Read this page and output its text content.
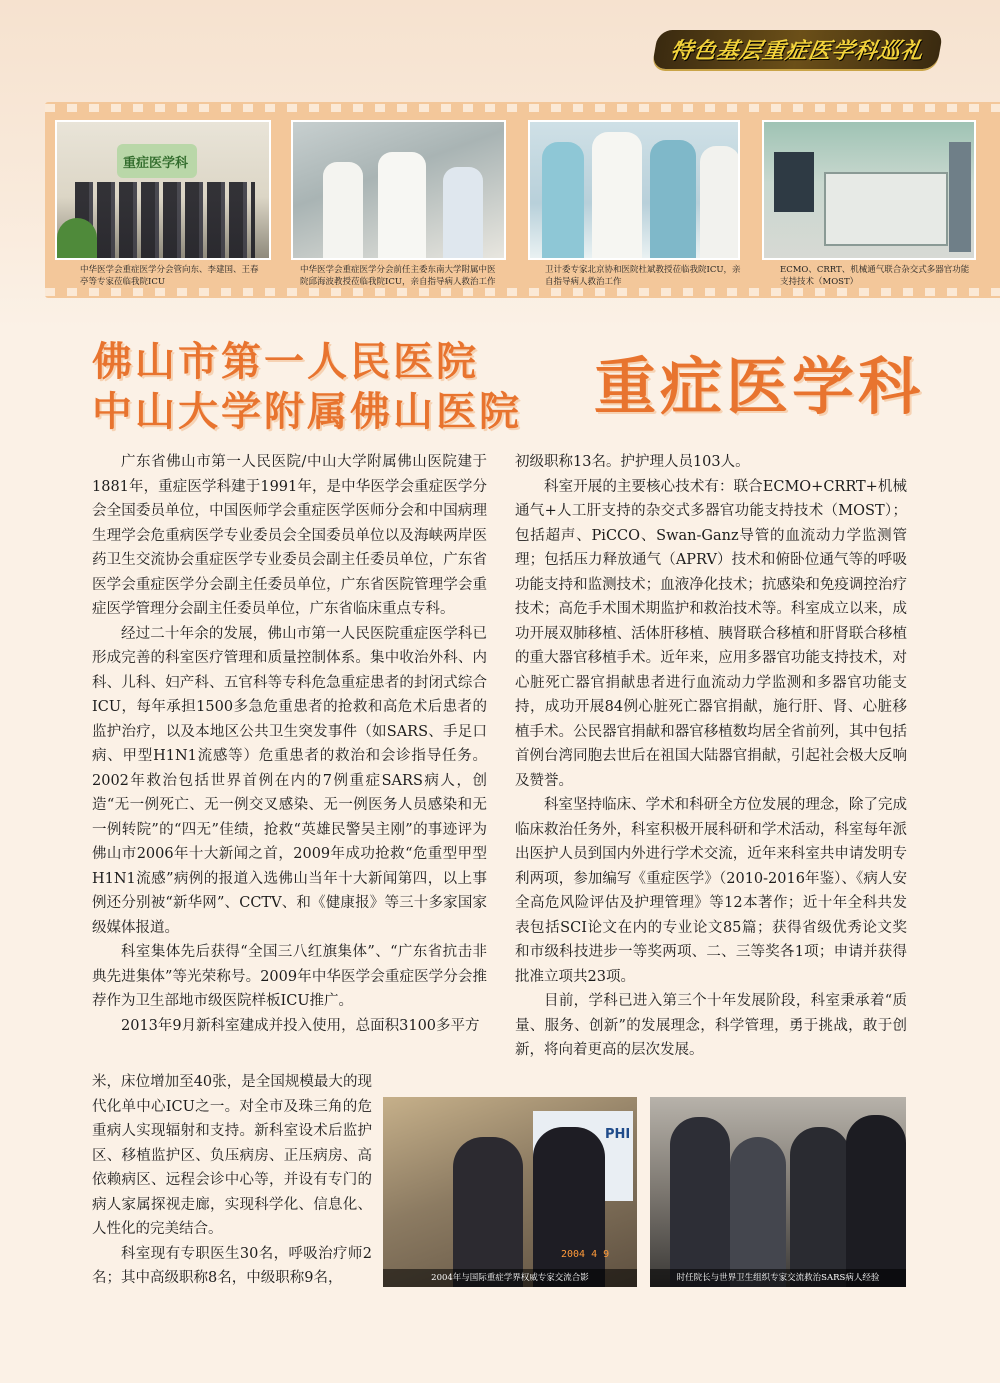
特色基层重症医学科巡礼
重症医学科
中华医学会重症医学分会管向东、李建国、王春亭等专家莅临我院ICU
中华医学会重症医学分会前任主委东南大学附属中医院邱海波教授莅临我院ICU，亲自指导病人救治工作
卫计委专家北京协和医院杜斌教授莅临我院ICU，亲自指导病人救治工作
ECMO、CRRT、机械通气联合杂交式多器官功能支持技术（MOST）
佛山市第一人民医院
中山大学附属佛山医院 重症医学科

广东省佛山市第一人民医院/中山大学附属佛山医院建于1881年，重症医学科建于1991年，是中华医学会重症医学分会全国委员单位，中国医师学会重症医学医师分会和中国病理生理学会危重病医学专业委员会全国委员单位以及海峡两岸医药卫生交流协会重症医学专业委员会副主任委员单位，广东省医学会重症医学分会副主任委员单位，广东省医院管理学会重症医学管理分会副主任委员单位，广东省临床重点专科。

经过二十年余的发展，佛山市第一人民医院重症医学科已形成完善的科室医疗管理和质量控制体系。集中收治外科、内科、儿科、妇产科、五官科等专科危急重症患者的封闭式综合ICU，每年承担1500多急危重患者的抢救和高危术后患者的监护治疗，以及本地区公共卫生突发事件（如SARS、手足口病、甲型H1N1流感等）危重患者的救治和会诊指导任务。2002年救治包括世界首例在内的7例重症SARS病人，创造“无一例死亡、无一例交叉感染、无一例医务人员感染和无一例转院”的“四无”佳绩，抢救“英雄民警吴主刚”的事迹评为佛山市2006年十大新闻之首，2009年成功抢救“危重型甲型H1N1流感”病例的报道入选佛山当年十大新闻第四，以上事例还分别被“新华网”、CCTV、和《健康报》等三十多家国家级媒体报道。

科室集体先后获得“全国三八红旗集体”、“广东省抗击非典先进集体”等光荣称号。2009年中华医学会重症医学分会推荐作为卫生部地市级医院样板ICU推广。

2013年9月新科室建成并投入使用，总面积3100多平方

米，床位增加至40张，是全国规模最大的现代化单中心ICU之一。对全市及珠三角的危重病人实现辐射和支持。新科室设术后监护区、移植监护区、负压病房、正压病房、高依赖病区、远程会诊中心等，并设有专门的病人家属探视走廊，实现科学化、信息化、人性化的完美结合。

科室现有专职医生30名，呼吸治疗师2名；其中高级职称8名，中级职称9名，

初级职称13名。护护理人员103人。

科室开展的主要核心技术有：联合ECMO+CRRT+机械通气+人工肝支持的杂交式多器官功能支持技术（MOST）；包括超声、PiCCO、Swan-Ganz导管的血流动力学监测管理；包括压力释放通气（APRV）技术和俯卧位通气等的呼吸功能支持和监测技术；血液净化技术；抗感染和免疫调控治疗技术；高危手术围术期监护和救治技术等。科室成立以来，成功开展双肺移植、活体肝移植、胰肾联合移植和肝肾联合移植的重大器官移植手术。近年来，应用多器官功能支持技术，对心脏死亡器官捐献患者进行血流动力学监测和多器官功能支持，成功开展84例心脏死亡器官捐献，施行肝、肾、心脏移植手术。公民器官捐献和器官移植数均居全省前列，其中包括首例台湾同胞去世后在祖国大陆器官捐献，引起社会极大反响及赞誉。

科室坚持临床、学术和科研全方位发展的理念，除了完成临床救治任务外，科室积极开展科研和学术活动，科室每年派出医护人员到国内外进行学术交流，近年来科室共申请发明专利两项，参加编写《重症医学》（2010-2016年鉴）、《病人安全高危风险评估及护理管理》等12本著作；近十年全科共发表包括SCI论文在内的专业论文85篇；获得省级优秀论文奖和市级科技进步一等奖两项、二、三等奖各1项；申请并获得批准立项共23项。

目前，学科已进入第三个十年发展阶段，科室秉承着“质量、服务、创新”的发展理念，科学管理，勇于挑战，敢于创新，将向着更高的层次发展。

PHI
2004 4 9
2004年与国际重症学界权威专家交流合影	时任院长与世界卫生组织专家交流救治SARS病人经验
